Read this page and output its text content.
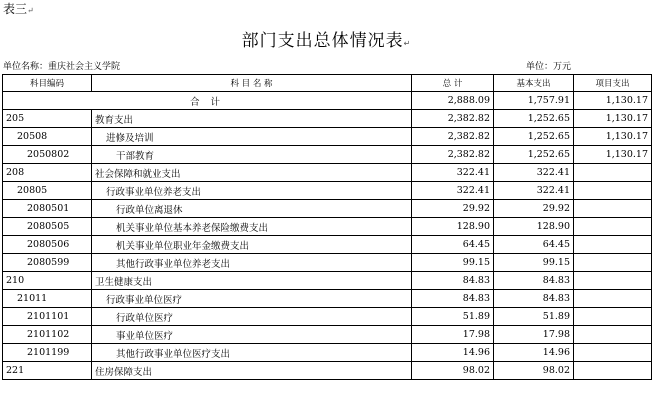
表三↵
部门支出总体情况表↵
单位名称：重庆社会主义学院	单位：万元
科目编码	科 目 名 称	总 计	基本支出	项目支出
合 计		2,888.09	1,757.91	1,130.17
205	教育支出	2,382.82	1,252.65	1,130.17
20508	进修及培训	2,382.82	1,252.65	1,130.17
2050802	干部教育	2,382.82	1,252.65	1,130.17
208	社会保障和就业支出	322.41	322.41	
20805	行政事业单位养老支出	322.41	322.41	
2080501	行政单位离退休	29.92	29.92	
2080505	机关事业单位基本养老保险缴费支出	128.90	128.90	
2080506	机关事业单位职业年金缴费支出	64.45	64.45	
2080599	其他行政事业单位养老支出	99.15	99.15	
210	卫生健康支出	84.83	84.83	
21011	行政事业单位医疗	84.83	84.83	
2101101	行政单位医疗	51.89	51.89	
2101102	事业单位医疗	17.98	17.98	
2101199	其他行政事业单位医疗支出	14.96	14.96	
221	住房保障支出	98.02	98.02	
